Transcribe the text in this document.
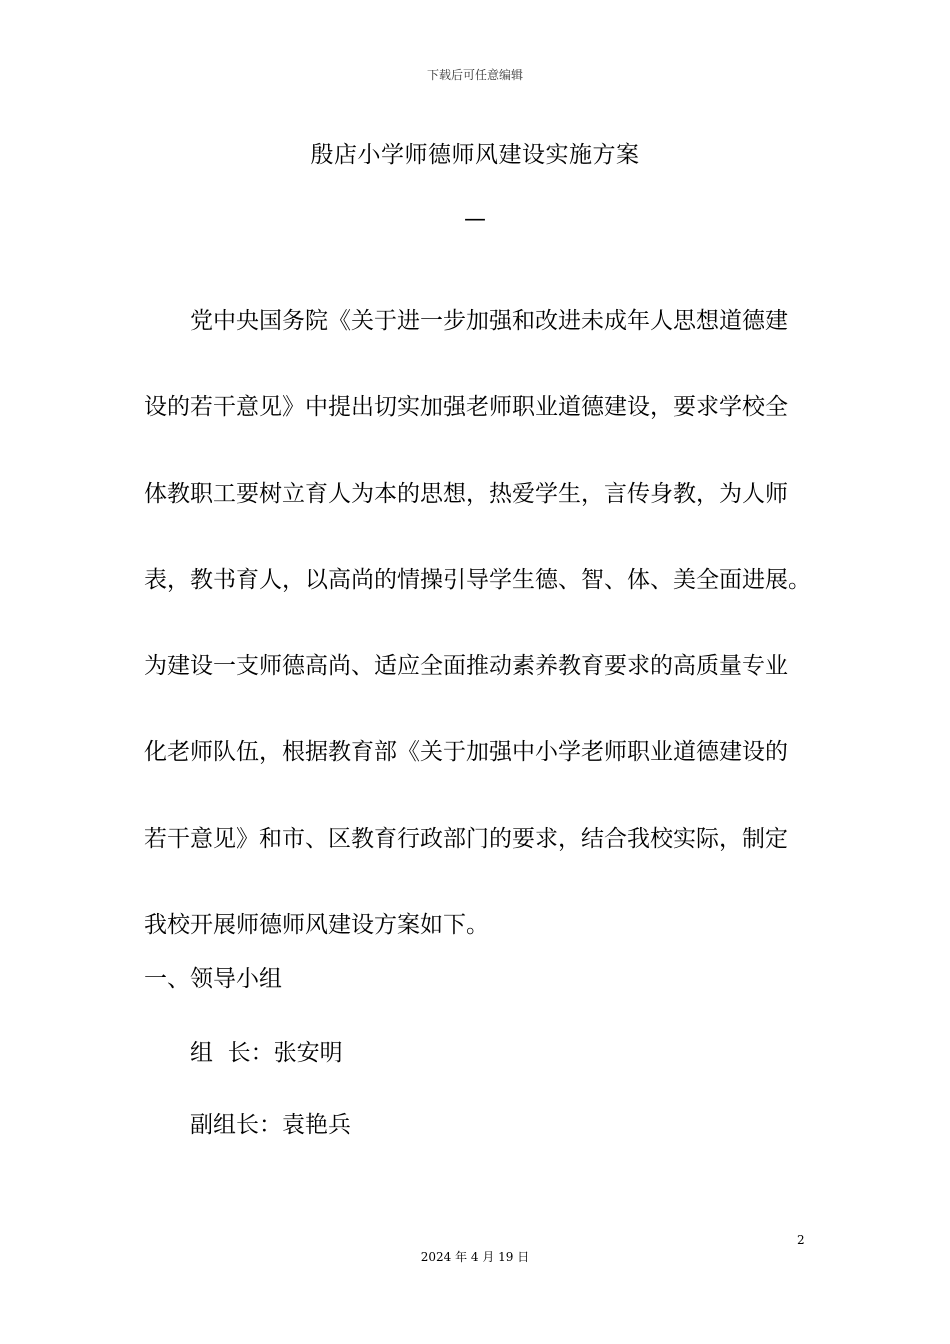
下载后可任意编辑
殷店小学师德师风建设实施方案
—
党中央国务院《关于进一步加强和改进未成年人思想道德建
设的若干意见》中提出切实加强老师职业道德建设，要求学校全
体教职工要树立育人为本的思想，热爱学生，言传身教，为人师
表，教书育人，以高尚的情操引导学生德、智、体、美全面进展。
为建设一支师德高尚、适应全面推动素养教育要求的高质量专业
化老师队伍，根据教育部《关于加强中小学老师职业道德建设的
若干意见》和市、区教育行政部门的要求，结合我校实际，制定
我校开展师德师风建设方案如下。
一、领导小组
组  长：张安明
副组长：袁艳兵
2
2024 年 4 月 19 日
